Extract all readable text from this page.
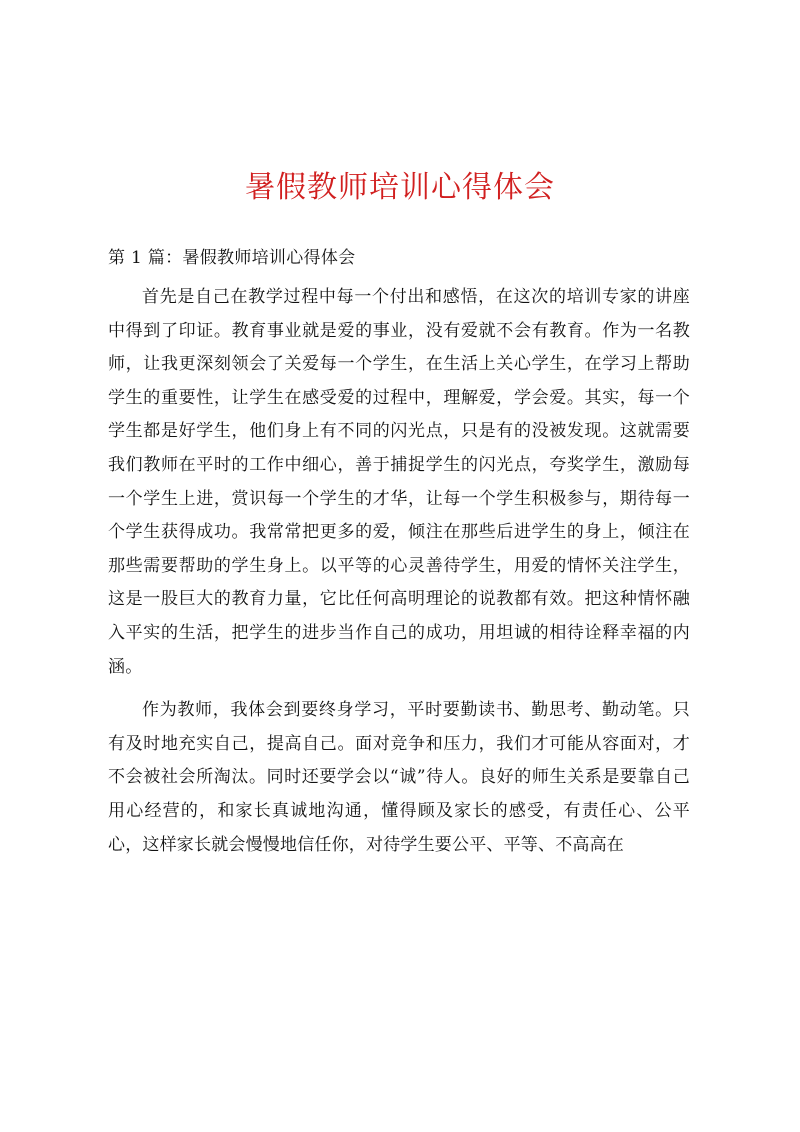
暑假教师培训心得体会
第 1 篇：暑假教师培训心得体会

首先是自己在教学过程中每一个付出和感悟，在这次的培训专家的讲座中得到了印证。教育事业就是爱的事业，没有爱就不会有教育。作为一名教师，让我更深刻领会了关爱每一个学生，在生活上关心学生，在学习上帮助学生的重要性，让学生在感受爱的过程中，理解爱，学会爱。其实，每一个学生都是好学生，他们身上有不同的闪光点，只是有的没被发现。这就需要我们教师在平时的工作中细心，善于捕捉学生的闪光点，夸奖学生，激励每一个学生上进，赏识每一个学生的才华，让每一个学生积极参与，期待每一个学生获得成功。我常常把更多的爱，倾注在那些后进学生的身上，倾注在那些需要帮助的学生身上。以平等的心灵善待学生，用爱的情怀关注学生，这是一股巨大的教育力量，它比任何高明理论的说教都有效。把这种情怀融入平实的生活，把学生的进步当作自己的成功，用坦诚的相待诠释幸福的内涵。

作为教师，我体会到要终身学习，平时要勤读书、勤思考、勤动笔。只有及时地充实自己，提高自己。面对竞争和压力，我们才可能从容面对，才不会被社会所淘汰。同时还要学会以“诚”待人。良好的师生关系是要靠自己用心经营的，和家长真诚地沟通，懂得顾及家长的感受，有责任心、公平心，这样家长就会慢慢地信任你，对待学生要公平、平等、不高高在
